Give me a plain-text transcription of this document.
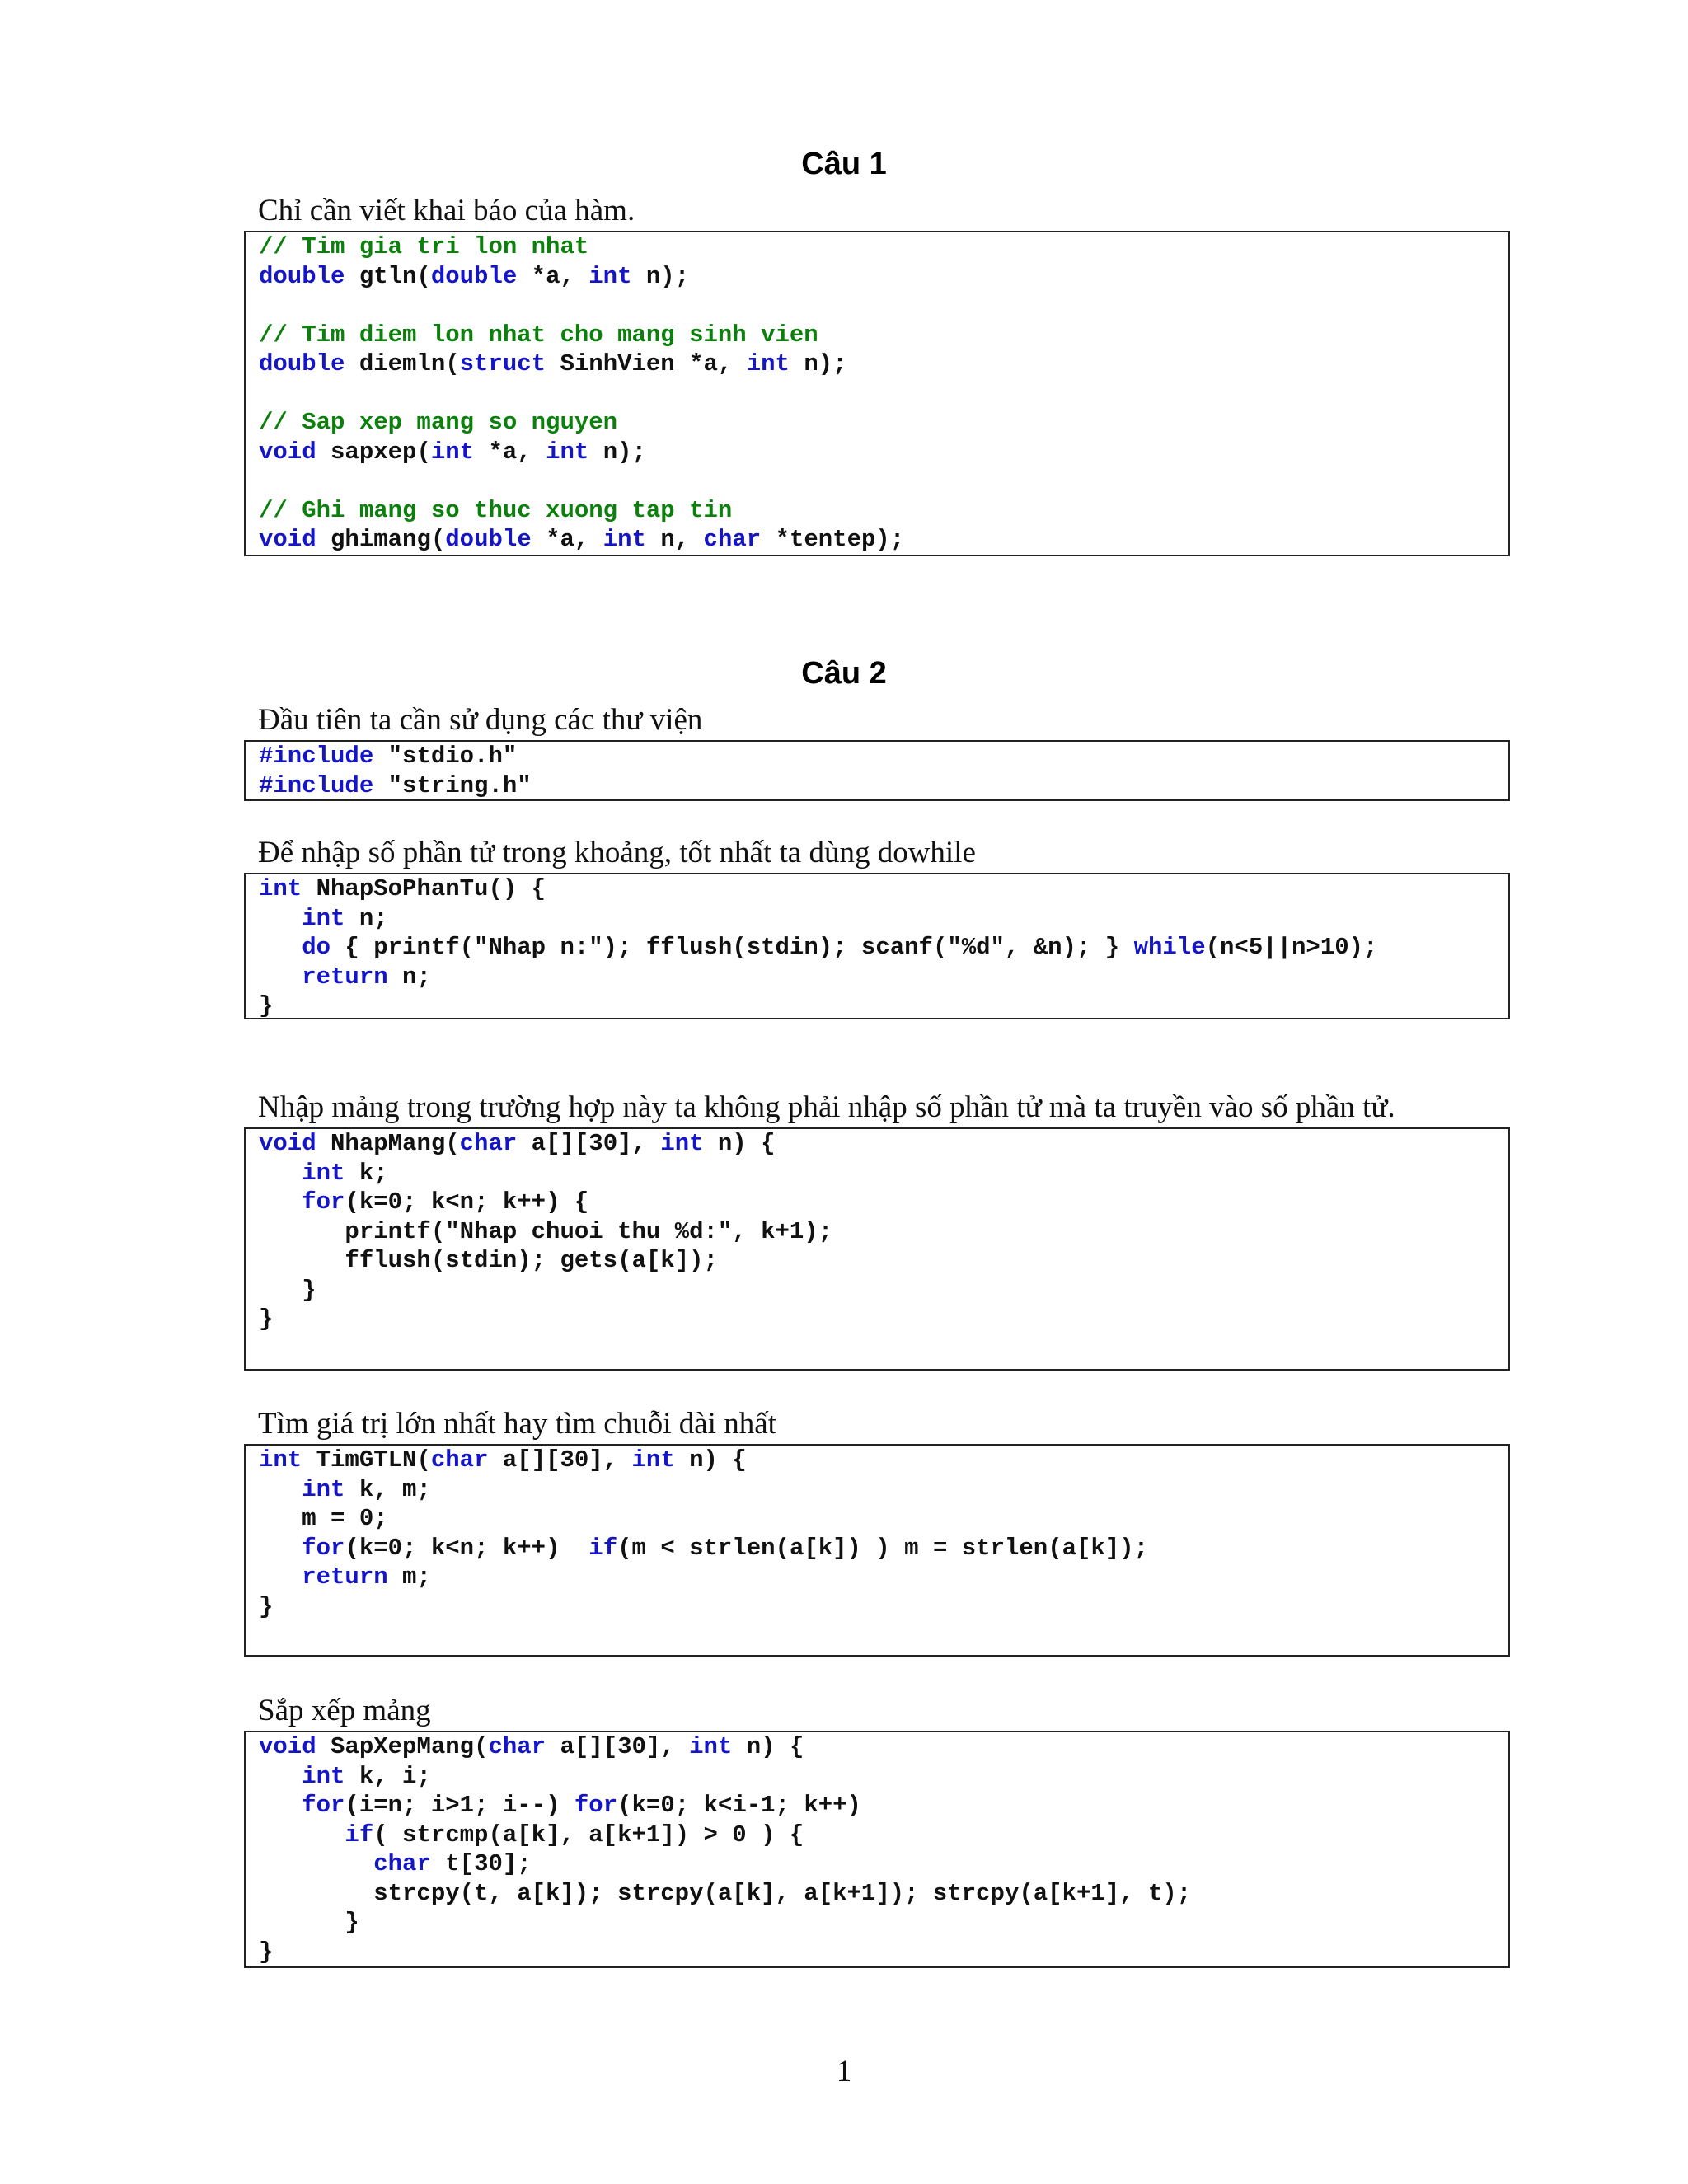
Câu 1

Chỉ cần viết khai báo của hàm.

// Tim gia tri lon nhat
double gtln(double *a, int n);

// Tim diem lon nhat cho mang sinh vien
double diemln(struct SinhVien *a, int n);

// Sap xep mang so nguyen
void sapxep(int *a, int n);

// Ghi mang so thuc xuong tap tin
void ghimang(double *a, int n, char *tentep);
Câu 2

Đầu tiên ta cần sử dụng các thư viện

#include "stdio.h"
#include "string.h"

Để nhập số phần tử trong khoảng, tốt nhất ta dùng dowhile

int NhapSoPhanTu() {
int n;
do { printf("Nhap n:"); fflush(stdin); scanf("%d", &n); } while(n<5||n>10);
return n;
}

Nhập mảng trong trường hợp này ta không phải nhập số phần tử mà ta truyền vào số phần tử.

void NhapMang(char a[][30], int n) {
int k;
for(k=0; k<n; k++) {
printf("Nhap chuoi thu %d:", k+1);
fflush(stdin); gets(a[k]);
}
}

Tìm giá trị lớn nhất hay tìm chuỗi dài nhất

int TimGTLN(char a[][30], int n) {
int k, m;
m = 0;
for(k=0; k<n; k++)  if(m < strlen(a[k]) ) m = strlen(a[k]);
return m;
}

Sắp xếp mảng

void SapXepMang(char a[][30], int n) {
int k, i;
for(i=n; i>1; i--) for(k=0; k<i-1; k++)
if( strcmp(a[k], a[k+1]) > 0 ) {
char t[30];
strcpy(t, a[k]); strcpy(a[k], a[k+1]); strcpy(a[k+1], t);
}
}

1
